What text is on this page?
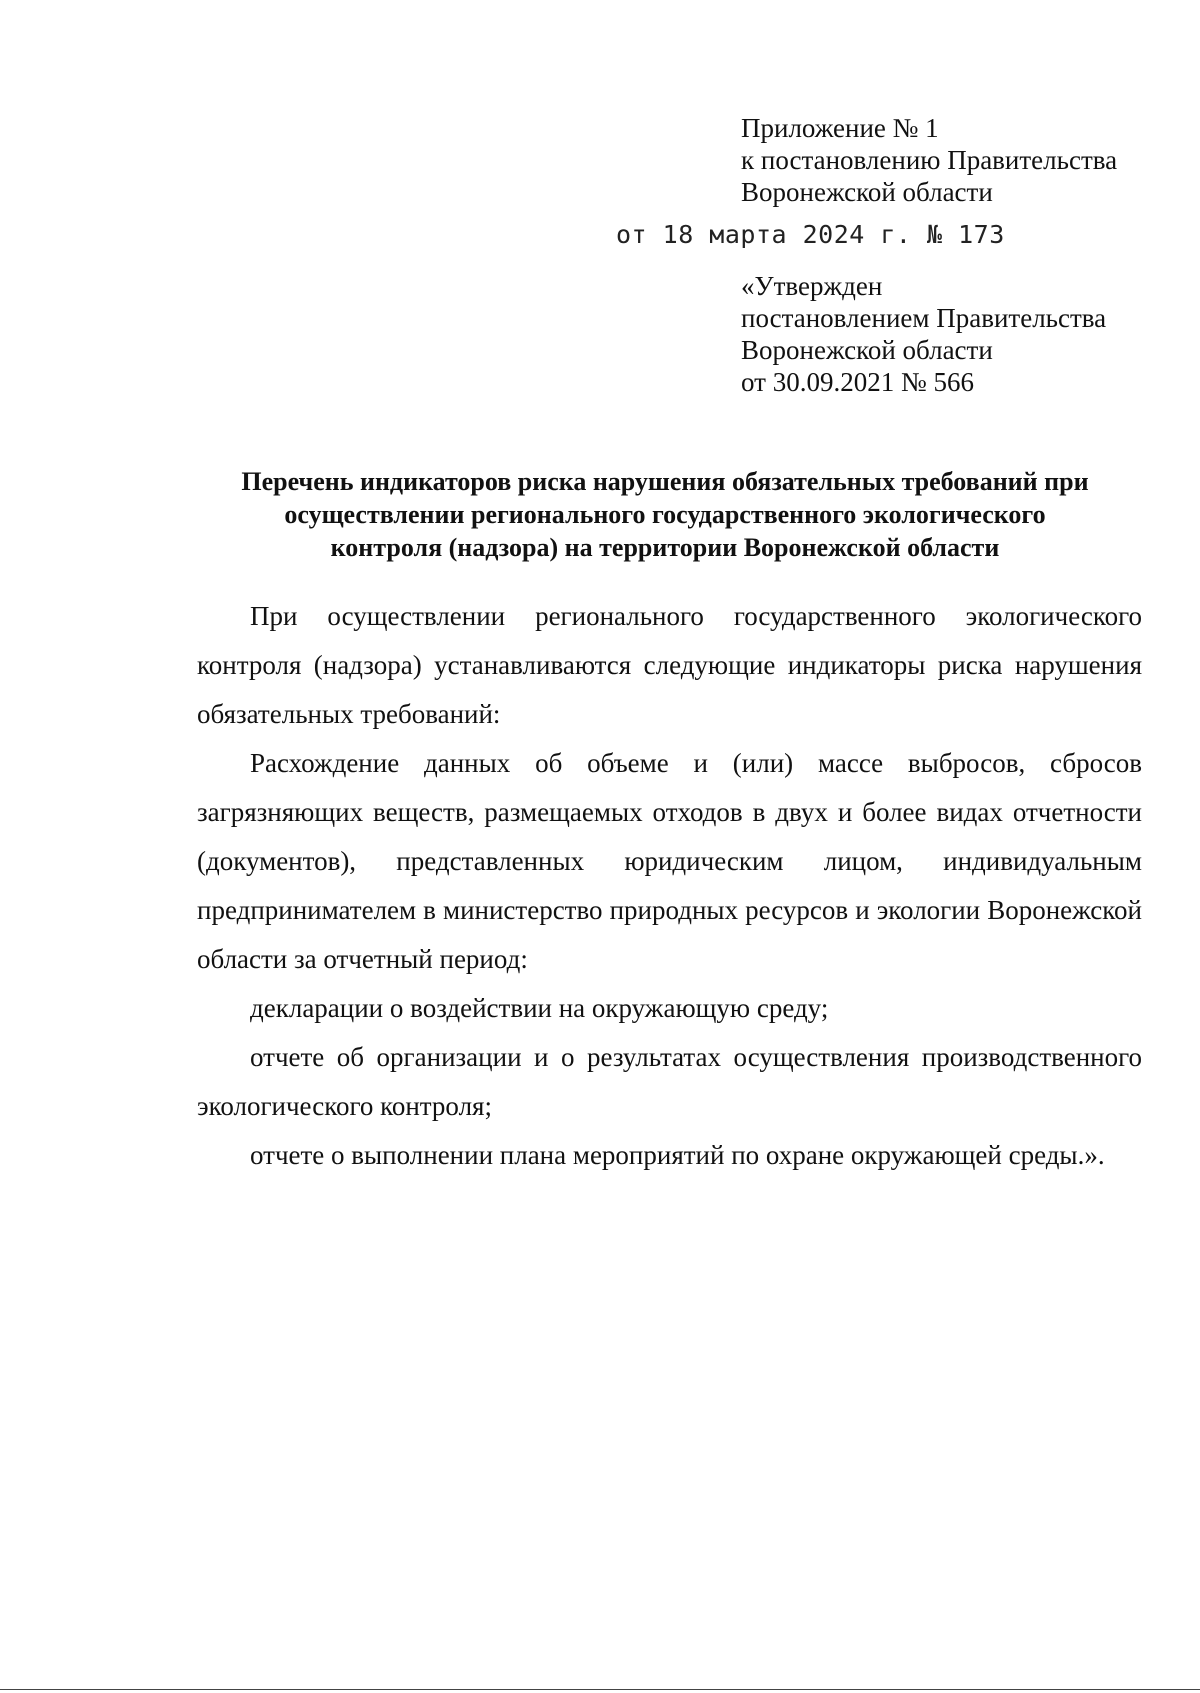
Приложение № 1
к постановлению Правительства
Воронежской области
от 18 марта 2024 г. № 173
«Утвержден
постановлением Правительства
Воронежской области
от 30.09.2021 № 566
Перечень индикаторов риска нарушения обязательных требований при
осуществлении регионального государственного экологического
контроля (надзора) на территории Воронежской области

При осуществлении регионального государственного экологического контроля (надзора) устанавливаются следующие индикаторы риска нарушения обязательных требований:

Расхождение данных об объеме и (или) массе выбросов, сбросов загрязняющих веществ, размещаемых отходов в двух и более видах отчетности (документов), представленных юридическим лицом, индивидуальным предпринимателем в министерство природных ресурсов и экологии Воронежской области за отчетный период:

декларации о воздействии на окружающую среду;

отчете об организации и о результатах осуществления производственного экологического контроля;

отчете о выполнении плана мероприятий по охране окружающей среды.».
